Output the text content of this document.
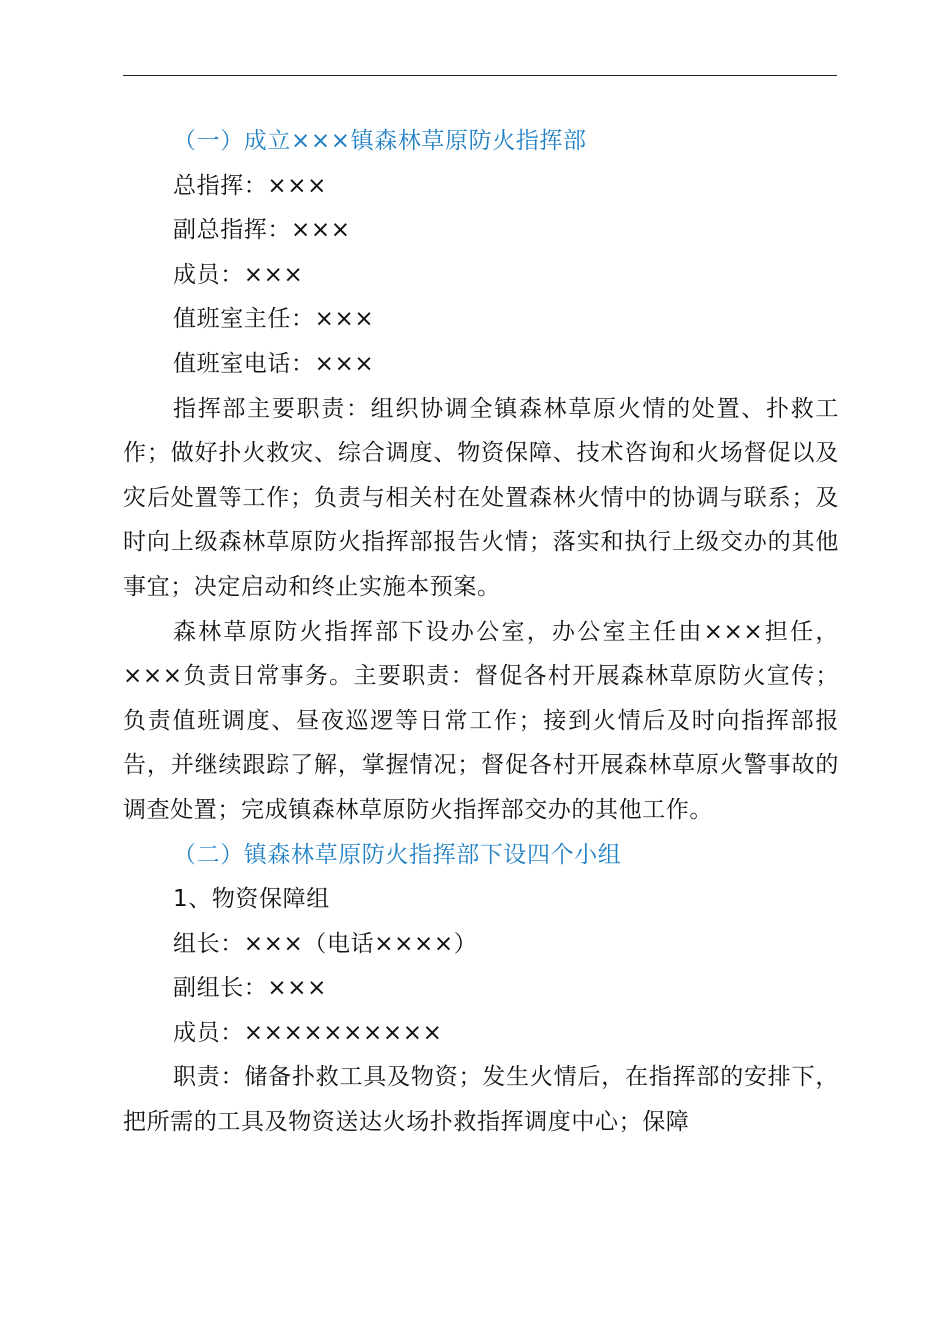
（一）成立×××镇森林草原防火指挥部

总指挥：×××

副总指挥：×××

成员：×××

值班室主任：×××

值班室电话：×××

指挥部主要职责：组织协调全镇森林草原火情的处置、扑救工作；做好扑火救灾、综合调度、物资保障、技术咨询和火场督促以及灾后处置等工作；负责与相关村在处置森林火情中的协调与联系；及时向上级森林草原防火指挥部报告火情；落实和执行上级交办的其他事宜；决定启动和终止实施本预案。

森林草原防火指挥部下设办公室，办公室主任由×××担任，×××负责日常事务。主要职责：督促各村开展森林草原防火宣传；负责值班调度、昼夜巡逻等日常工作；接到火情后及时向指挥部报告，并继续跟踪了解，掌握情况；督促各村开展森林草原火警事故的调查处置；完成镇森林草原防火指挥部交办的其他工作。

（二）镇森林草原防火指挥部下设四个小组

1、物资保障组

组长：×××（电话××××）

副组长：×××

成员：××××××××××

职责：储备扑救工具及物资；发生火情后，在指挥部的安排下，把所需的工具及物资送达火场扑救指挥调度中心；保障
